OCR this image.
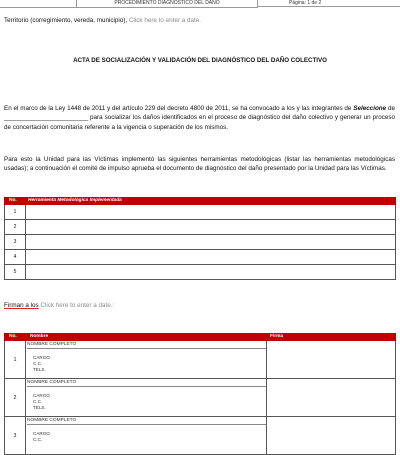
PROCEDIMIENTO DIAGNÓSTICO DEL DAÑO	Página: 1 de 2
Territorio (corregimiento, vereda, municipio), Click here to enter a date.
ACTA DE SOCIALIZACIÓN Y VALIDACIÓN DEL DIAGNÓSTICO DEL DAÑO COLECTIVO
En el marco de la Ley 1448 de 2011 y del artículo 229 del decreto 4800 de 2011, se ha convocado a los y las integrantes de Seleccione de ________________________ para socializar los daños identificados en el proceso de diagnóstico del daño colectivo y generar un proceso de concertación comunitaria referente a la vigencia o superación de los mismos.
Para esto la Unidad para las Víctimas implementó las siguientes herramientas metodológicas (listar las herramientas metodológicas usadas); a continuación el comité de impulso aprueba el documento de diagnóstico del daño presentado por la Unidad para las Víctimas.
No. Herramienta Metodológica Implementada
1
2
3
4
5
Firman a los Click here to enter a date.:
No.	Nombre	Firma
1
NOMBRE COMPLETO
CARGO
C.C.
TELS.
2
NOMBRE COMPLETO
CARGO
C.C.
TELS.
3
NOMBRE COMPLETO
CARGO
C.C.
